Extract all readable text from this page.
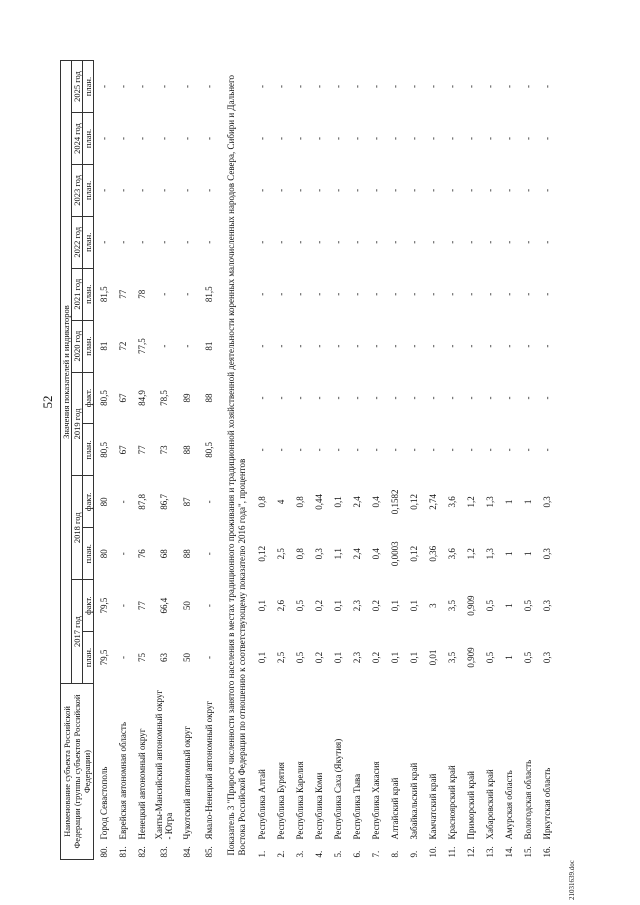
52
21031639.doc
Наименование субъекта Российской Федерации (группы субъектов Российской Федерации)		Значения показателей и индикаторов											
		2017 год		2018 год		2019 год		2020 год	2021 год	2022 год	2023 год	2024 год	2025 год
		план.	факт.	план.	факт.	план.	факт.	план.	план.	план.	план.	план.	план.
80.	Город Севастополь	79,5	79,5	80	80	80,5	80,5	81	81,5	-	-	-	-
81.	Еврейская автономная область	-	-	-	-	67	67	72	77	-	-	-	-
82.	Ненецкий автономный округ	75	77	76	87,8	77	84,9	77,5	78	-	-	-	-
83.	Ханты-Мансийский автономный округ - Югра	63	66,4	68	86,7	73	78,5	-	-	-	-	-	-
84.	Чукотский автономный округ	50	50	88	87	88	89	-	-	-	-	-	-
85.	Ямало-Ненецкий автономный округ	-	-	-	-	80,5	88	81	81,5	-	-	-	-
Показатель 3 "Прирост численности занятого населения в местах традиционного проживания и традиционной хозяйственной деятельности коренных малочисленных народов Севера, Сибири и Дальнего Востока Российской Федерации по отношению к соответствующему показателю 2016 года", процентов													
1.	Республика Алтай	0,1	0,1	0,12	0,8	-	-	-	-	-	-	-	-
2.	Республика Бурятия	2,5	2,6	2,5	4	-	-	-	-	-	-	-	-
3.	Республика Карелия	0,5	0,5	0,8	0,8	-	-	-	-	-	-	-	-
4.	Республика Коми	0,2	0,2	0,3	0,44	-	-	-	-	-	-	-	-
5.	Республика Саха (Якутия)	0,1	0,1	1,1	0,1	-	-	-	-	-	-	-	-
6.	Республика Тыва	2,3	2,3	2,4	2,4	-	-	-	-	-	-	-	-
7.	Республика Хакасия	0,2	0,2	0,4	0,4	-	-	-	-	-	-	-	-
8.	Алтайский край	0,1	0,1	0,0003	0,1582	-	-	-	-	-	-	-	-
9.	Забайкальский край	0,1	0,1	0,12	0,12	-	-	-	-	-	-	-	-
10.	Камчатский край	0,01	3	0,36	2,74	-	-	-	-	-	-	-	-
11.	Красноярский край	3,5	3,5	3,6	3,6	-	-	-	-	-	-	-	-
12.	Приморский край	0,909	0,909	1,2	1,2	-	-	-	-	-	-	-	-
13.	Хабаровский край	0,5	0,5	1,3	1,3	-	-	-	-	-	-	-	-
14.	Амурская область	1	1	1	1	-	-	-	-	-	-	-	-
15.	Вологодская область	0,5	0,5	1	1	-	-	-	-	-	-	-	-
16.	Иркутская область	0,3	0,3	0,3	0,3	-	-	-	-	-	-	-	-
